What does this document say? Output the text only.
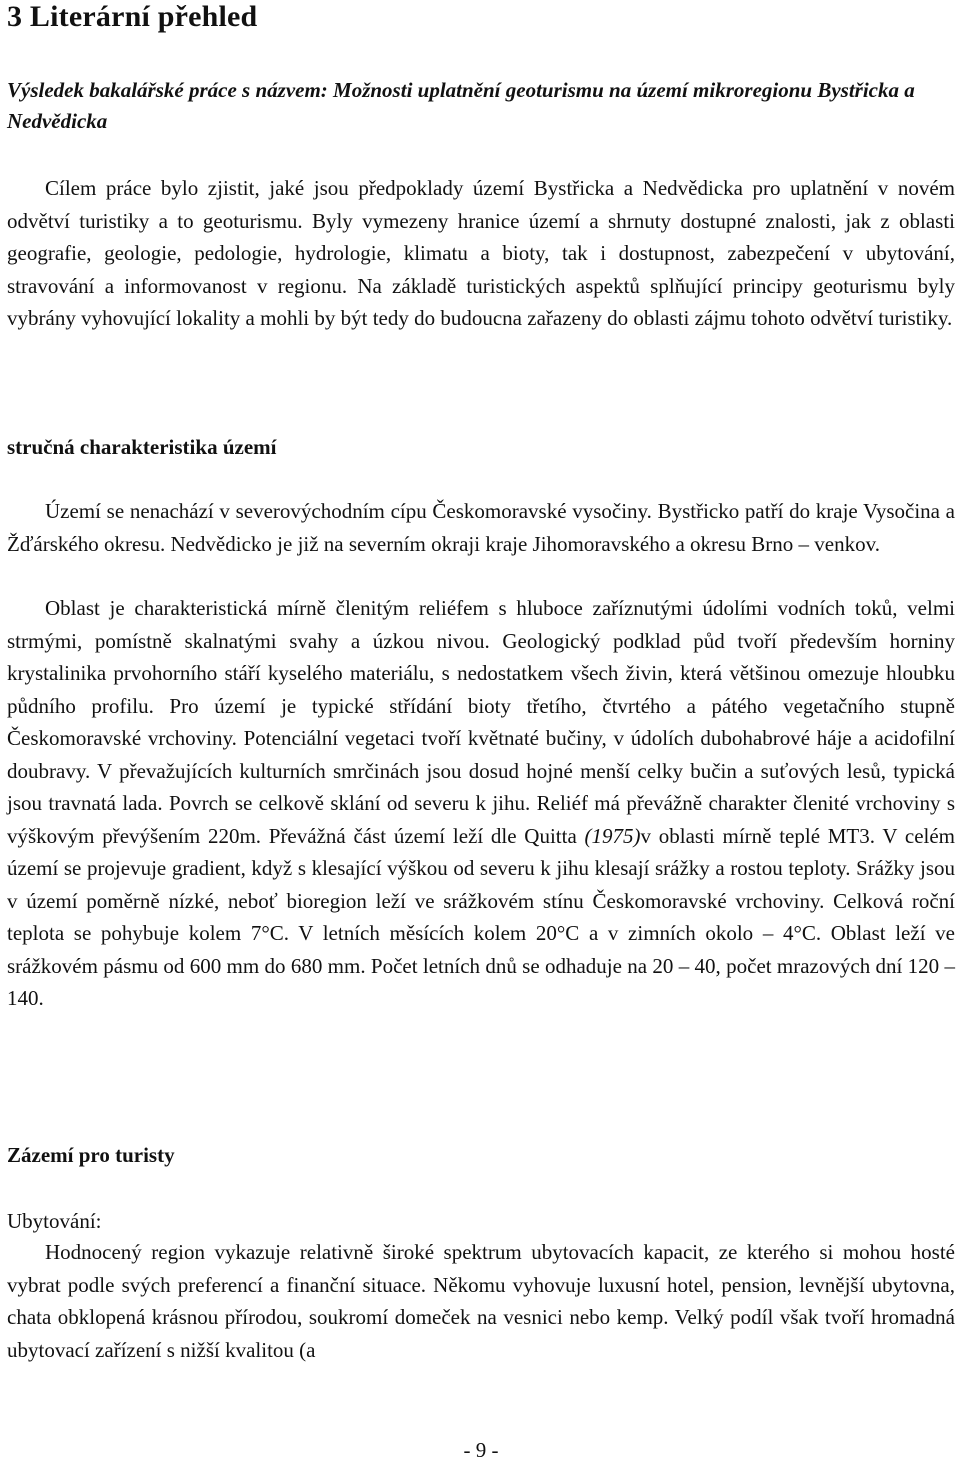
3 Literární přehled
Výsledek bakalářské práce s názvem: Možnosti uplatnění geoturismu na území mikroregionu Bystřicka a Nedvědicka

Cílem práce bylo zjistit, jaké jsou předpoklady území Bystřicka a Nedvědicka pro uplatnění v novém odvětví turistiky a to geoturismu. Byly vymezeny hranice území a shrnuty dostupné znalosti, jak z oblasti geografie, geologie, pedologie, hydrologie, klimatu a bioty, tak i dostupnost, zabezpečení v ubytování, stravování a informovanost v regionu. Na základě turistických aspektů splňující principy geoturismu byly vybrány vyhovující lokality a mohli by být tedy do budoucna zařazeny do oblasti zájmu tohoto odvětví turistiky.

stručná charakteristika území

Území se nenachází v severovýchodním cípu Českomoravské vysočiny. Bystřicko patří do kraje Vysočina a Žďárského okresu. Nedvědicko je již na severním okraji kraje Jihomoravského a okresu Brno – venkov.

Oblast je charakteristická mírně členitým reliéfem s hluboce zaříznutými údolími vodních toků, velmi strmými, pomístně skalnatými svahy a úzkou nivou. Geologický podklad půd tvoří především horniny krystalinika prvohorního stáří kyselého materiálu, s nedostatkem všech živin, která většinou omezuje hloubku půdního profilu. Pro území je typické střídání bioty třetího, čtvrtého a pátého vegetačního stupně Českomoravské vrchoviny. Potenciální vegetaci tvoří květnaté bučiny, v údolích dubohabrové háje a acidofilní doubravy. V převažujících kulturních smrčinách jsou dosud hojné menší celky bučin a suťových lesů, typická jsou travnatá lada. Povrch se celkově sklání od severu k jihu. Reliéf má převážně charakter členité vrchoviny s výškovým převýšením 220m. Převážná část území leží dle Quitta (1975)v oblasti mírně teplé MT3. V celém území se projevuje gradient, když s klesající výškou od severu k jihu klesají srážky a rostou teploty. Srážky jsou v území poměrně nízké, neboť bioregion leží ve srážkovém stínu Českomoravské vrchoviny. Celková roční teplota se pohybuje kolem 7°C. V letních měsících kolem 20°C a v zimních okolo – 4°C. Oblast leží ve srážkovém pásmu od 600 mm do 680 mm. Počet letních dnů se odhaduje na 20 – 40, počet mrazových dní 120 – 140.

Zázemí pro turisty
Ubytování:

Hodnocený region vykazuje relativně široké spektrum ubytovacích kapacit, ze kterého si mohou hosté vybrat podle svých preferencí a finanční situace. Někomu vyhovuje luxusní hotel, pension, levnější ubytovna, chata obklopená krásnou přírodou, soukromí domeček na vesnici nebo kemp. Velký podíl však tvoří hromadná ubytovací zařízení s nižší kvalitou (a

- 9 -
